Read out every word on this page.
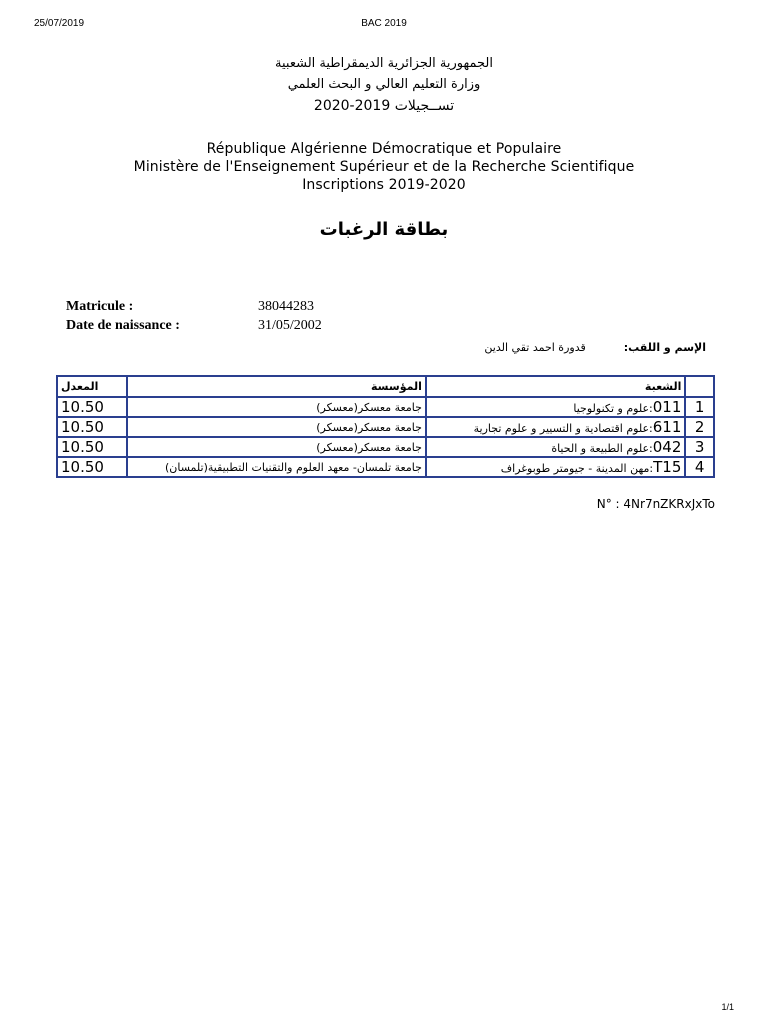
25/07/2019	BAC 2019
الجمهورية الجزائرية الديمقراطية الشعبية
وزارة التعليم العالي و البحث العلمي
تســجيلات 2019-2020
République Algérienne Démocratique et Populaire
Ministère de l'Enseignement Supérieur et de la Recherche Scientifique
Inscriptions 2019-2020
بطاقة الرغبات
Matricule :	38044283
Date de naissance :	31/05/2002
الإسم و اللقب:قدورة احمد تقي الدين
	الشعبة	المؤسسة	المعدل
1	011:علوم و تكنولوجيا	جامعة معسكر(معسكر)	10.50
2	611:علوم اقتصادية و التسيير و علوم تجارية	جامعة معسكر(معسكر)	10.50
3	042:علوم الطبيعة و الحياة	جامعة معسكر(معسكر)	10.50
4	T15:مهن المدينة - جيومتر طوبوغراف	جامعة تلمسان- معهد العلوم والتقنيات التطبيقية(تلمسان)	10.50
N° : 4Nr7nZKRxJxTo
1/1
